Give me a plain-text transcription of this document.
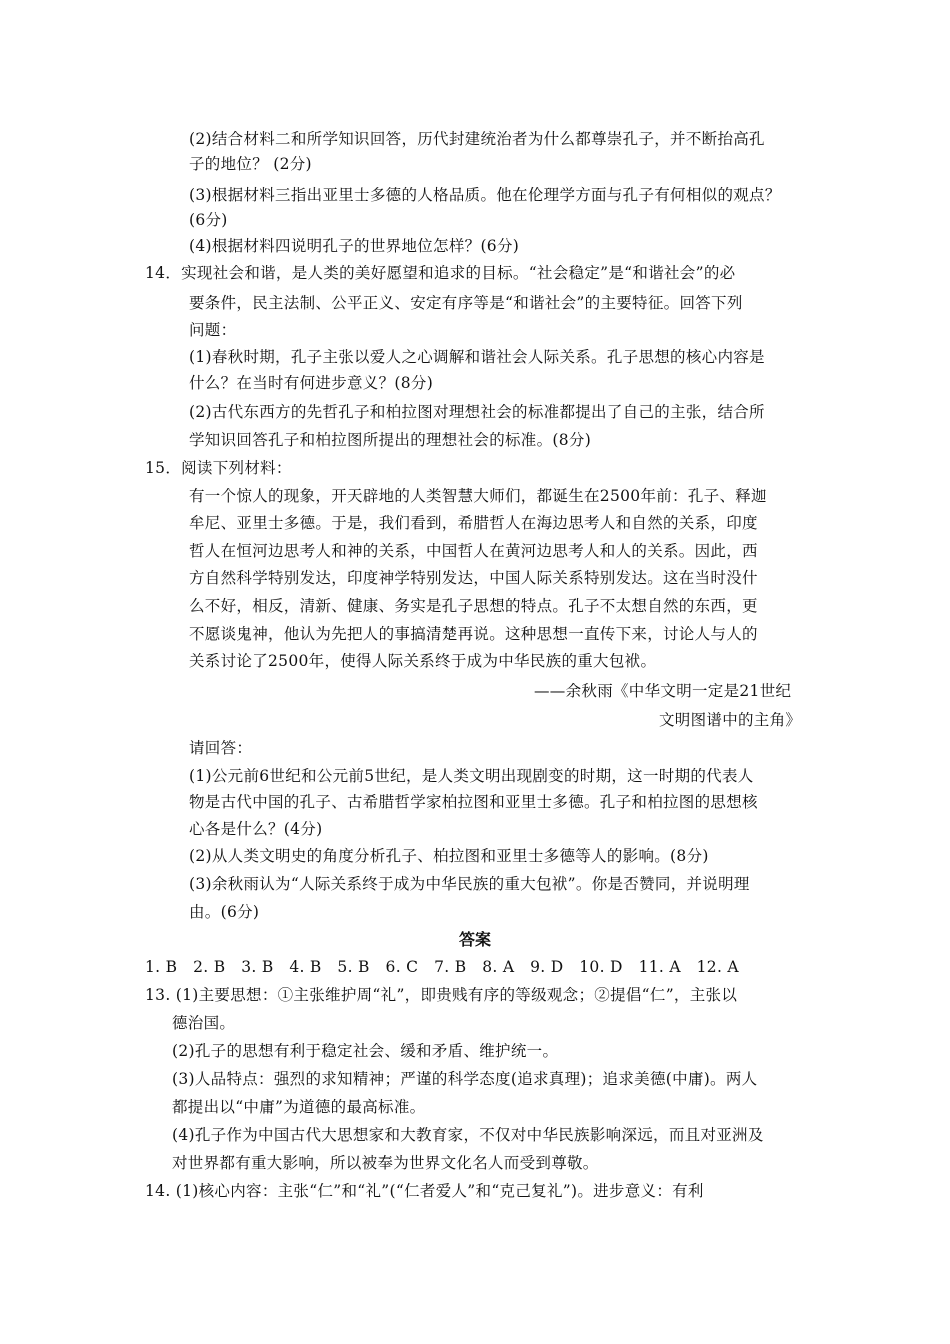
(2)结合材料二和所学知识回答，历代封建统治者为什么都尊崇孔子，并不断抬高孔
子的地位？ (2分)
(3)根据材料三指出亚里士多德的人格品质。他在伦理学方面与孔子有何相似的观点？
(6分)
(4)根据材料四说明孔子的世界地位怎样？(6分)
14．实现社会和谐，是人类的美好愿望和追求的目标。“社会稳定”是“和谐社会”的必
要条件，民主法制、公平正义、安定有序等是“和谐社会”的主要特征。回答下列
问题：
(1)春秋时期，孔子主张以爱人之心调解和谐社会人际关系。孔子思想的核心内容是
什么？在当时有何进步意义？(8分)
(2)古代东西方的先哲孔子和柏拉图对理想社会的标准都提出了自己的主张，结合所
学知识回答孔子和柏拉图所提出的理想社会的标准。(8分)
15．阅读下列材料：
有一个惊人的现象，开天辟地的人类智慧大师们，都诞生在2500年前：孔子、释迦
牟尼、亚里士多德。于是，我们看到，希腊哲人在海边思考人和自然的关系，印度
哲人在恒河边思考人和神的关系，中国哲人在黄河边思考人和人的关系。因此，西
方自然科学特别发达，印度神学特别发达，中国人际关系特别发达。这在当时没什
么不好，相反，清新、健康、务实是孔子思想的特点。孔子不太想自然的东西，更
不愿谈鬼神，他认为先把人的事搞清楚再说。这种思想一直传下来，讨论人与人的
关系讨论了2500年，使得人际关系终于成为中华民族的重大包袱。
——余秋雨《中华文明一定是21世纪
文明图谱中的主角》
请回答：
(1)公元前6世纪和公元前5世纪，是人类文明出现剧变的时期，这一时期的代表人
物是古代中国的孔子、古希腊哲学家柏拉图和亚里士多德。孔子和柏拉图的思想核
心各是什么？(4分)
(2)从人类文明史的角度分析孔子、柏拉图和亚里士多德等人的影响。(8分)
(3)余秋雨认为“人际关系终于成为中华民族的重大包袱”。你是否赞同，并说明理
由。(6分)
答案
1. B　2. B　3. B　4. B　5. B　6. C　7. B　8. A　9. D　10. D　11. A　12. A
13. (1)主要思想：①主张维护周“礼”，即贵贱有序的等级观念；②提倡“仁”，主张以
德治国。
(2)孔子的思想有利于稳定社会、缓和矛盾、维护统一。
(3)人品特点：强烈的求知精神；严谨的科学态度(追求真理)；追求美德(中庸)。两人
都提出以“中庸”为道德的最高标准。
(4)孔子作为中国古代大思想家和大教育家，不仅对中华民族影响深远，而且对亚洲及
对世界都有重大影响，所以被奉为世界文化名人而受到尊敬。
14. (1)核心内容：主张“仁”和“礼”(“仁者爱人”和“克己复礼”)。进步意义：有利
